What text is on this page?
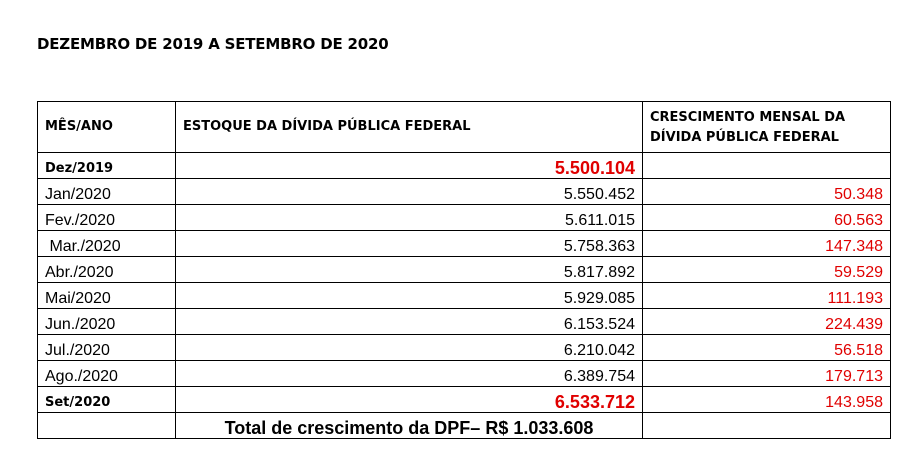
DEZEMBRO DE 2019 A SETEMBRO DE 2020
MÊS/ANO	ESTOQUE DA DÍVIDA PÚBLICA FEDERAL	CRESCIMENTO MENSAL DA DÍVIDA PÚBLICA FEDERAL
Dez/2019	5.500.104	
Jan/2020	5.550.452	50.348
Fev./2020	5.611.015	60.563
Mar./2020	5.758.363	147.348
Abr./2020	5.817.892	59.529
Mai/2020	5.929.085	111.193
Jun./2020	6.153.524	224.439
Jul./2020	6.210.042	56.518
Ago./2020	6.389.754	179.713
Set/2020	6.533.712	143.958
	Total de crescimento da DPF– R$ 1.033.608	
